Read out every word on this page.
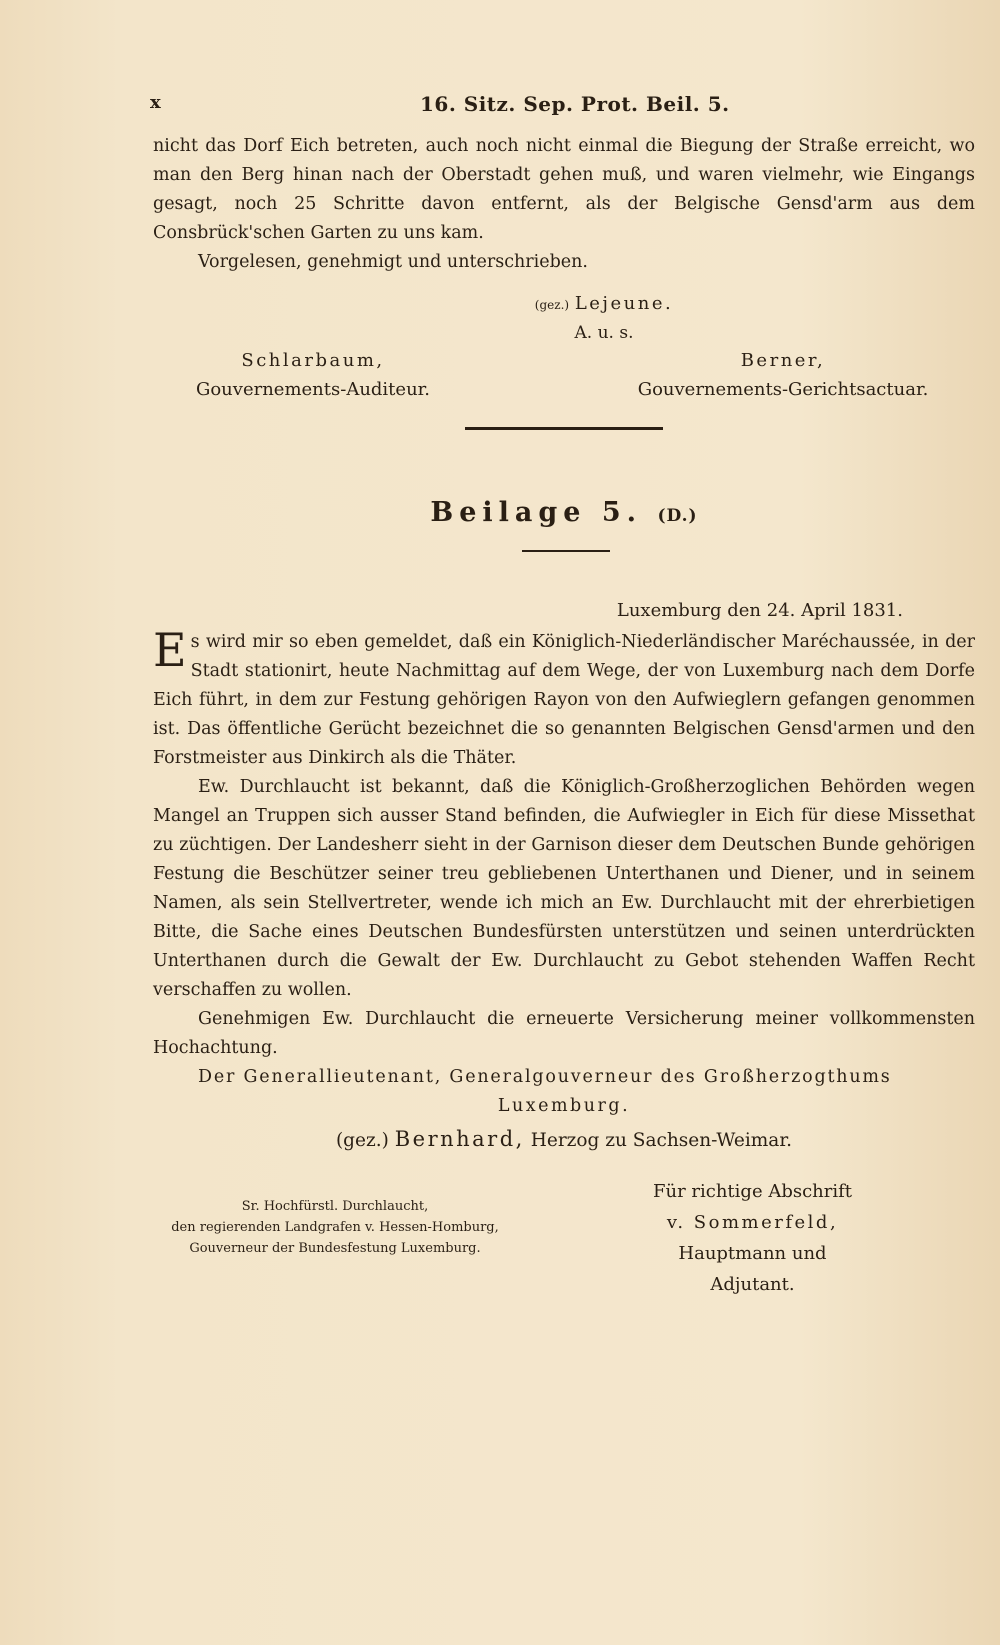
x	16. Sitz. Sep. Prot. Beil. 5.

nicht das Dorf Eich betreten, auch noch nicht einmal die Biegung der Straße erreicht, wo man den Berg hinan nach der Oberstadt gehen muß, und waren vielmehr, wie Eingangs gesagt, noch 25 Schritte davon entfernt, als der Belgische Gensd'arm aus dem Consbrück'schen Garten zu uns kam.

Vorgelesen, genehmigt und unterschrieben.

(gez.) Lejeune.
A. u. s.
Schlarbaum,
Gouvernements-Auditeur.
Berner,
Gouvernements-Gerichtsactuar.
Beilage 5. (D.)
Luxemburg den 24. April 1831.

E s wird mir so eben gemeldet, daß ein Königlich-Niederländischer Maréchaussée, in der Stadt stationirt, heute Nachmittag auf dem Wege, der von Luxemburg nach dem Dorfe Eich führt, in dem zur Festung gehörigen Rayon von den Aufwieglern gefangen genommen ist. Das öffentliche Gerücht bezeichnet die so genannten Belgischen Gensd'armen und den Forstmeister aus Dinkirch als die Thäter.

Ew. Durchlaucht ist bekannt, daß die Königlich-Großherzoglichen Behörden wegen Mangel an Truppen sich ausser Stand befinden, die Aufwiegler in Eich für diese Missethat zu züchtigen. Der Landesherr sieht in der Garnison dieser dem Deutschen Bunde gehörigen Festung die Beschützer seiner treu gebliebenen Unterthanen und Diener, und in seinem Namen, als sein Stellvertreter, wende ich mich an Ew. Durchlaucht mit der ehrerbietigen Bitte, die Sache eines Deutschen Bundesfürsten unterstützen und seinen unterdrückten Unterthanen durch die Gewalt der Ew. Durchlaucht zu Gebot stehenden Waffen Recht verschaffen zu wollen.

Genehmigen Ew. Durchlaucht die erneuerte Versicherung meiner vollkommensten Hochachtung.

Der Generallieutenant, Generalgouverneur des Großherzogthums

Luxemburg.

(gez.) Bernhard, Herzog zu Sachsen-Weimar.

Sr. Hochfürstl. Durchlaucht,
den regierenden Landgrafen v. Hessen-Homburg,
Gouverneur der Bundesfestung Luxemburg.
Für richtige Abschrift
v. Sommerfeld,
Hauptmann und Adjutant.
